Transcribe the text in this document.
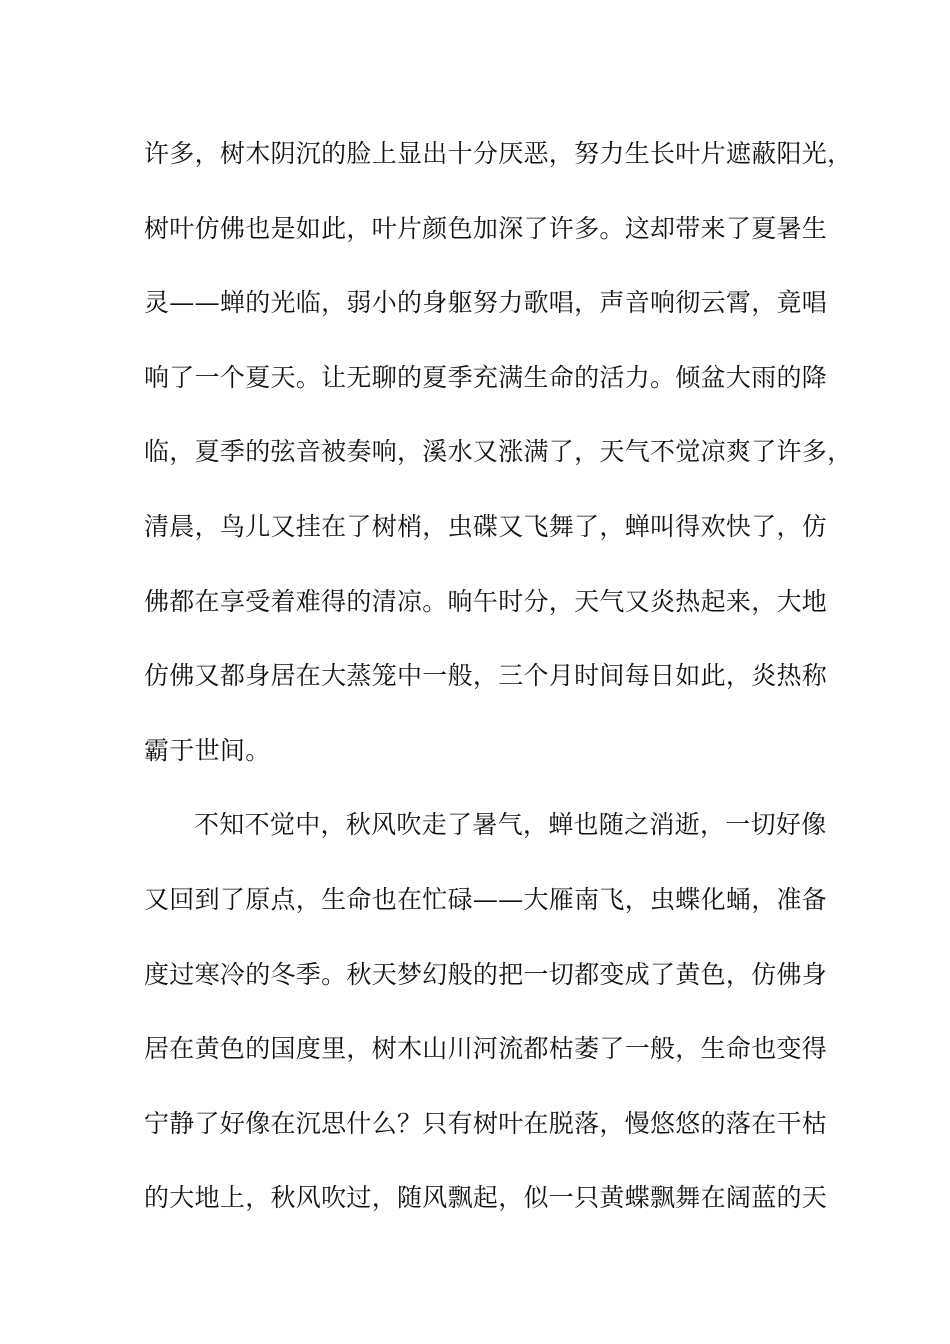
许多，树木阴沉的脸上显出十分厌恶，努力生长叶片遮蔽阳光，
树叶仿佛也是如此，叶片颜色加深了许多。这却带来了夏暑生
灵——蝉的光临，弱小的身躯努力歌唱，声音响彻云霄，竟唱
响了一个夏天。让无聊的夏季充满生命的活力。倾盆大雨的降
临，夏季的弦音被奏响，溪水又涨满了，天气不觉凉爽了许多，
清晨，鸟儿又挂在了树梢，虫碟又飞舞了，蝉叫得欢快了，仿
佛都在享受着难得的清凉。晌午时分，天气又炎热起来，大地
仿佛又都身居在大蒸笼中一般，三个月时间每日如此，炎热称
霸于世间。
不知不觉中，秋风吹走了暑气，蝉也随之消逝，一切好像
又回到了原点，生命也在忙碌——大雁南飞，虫蝶化蛹，准备
度过寒冷的冬季。秋天梦幻般的把一切都变成了黄色，仿佛身
居在黄色的国度里，树木山川河流都枯萎了一般，生命也变得
宁静了好像在沉思什么？只有树叶在脱落，慢悠悠的落在干枯
的大地上，秋风吹过，随风飘起，似一只黄蝶飘舞在阔蓝的天
